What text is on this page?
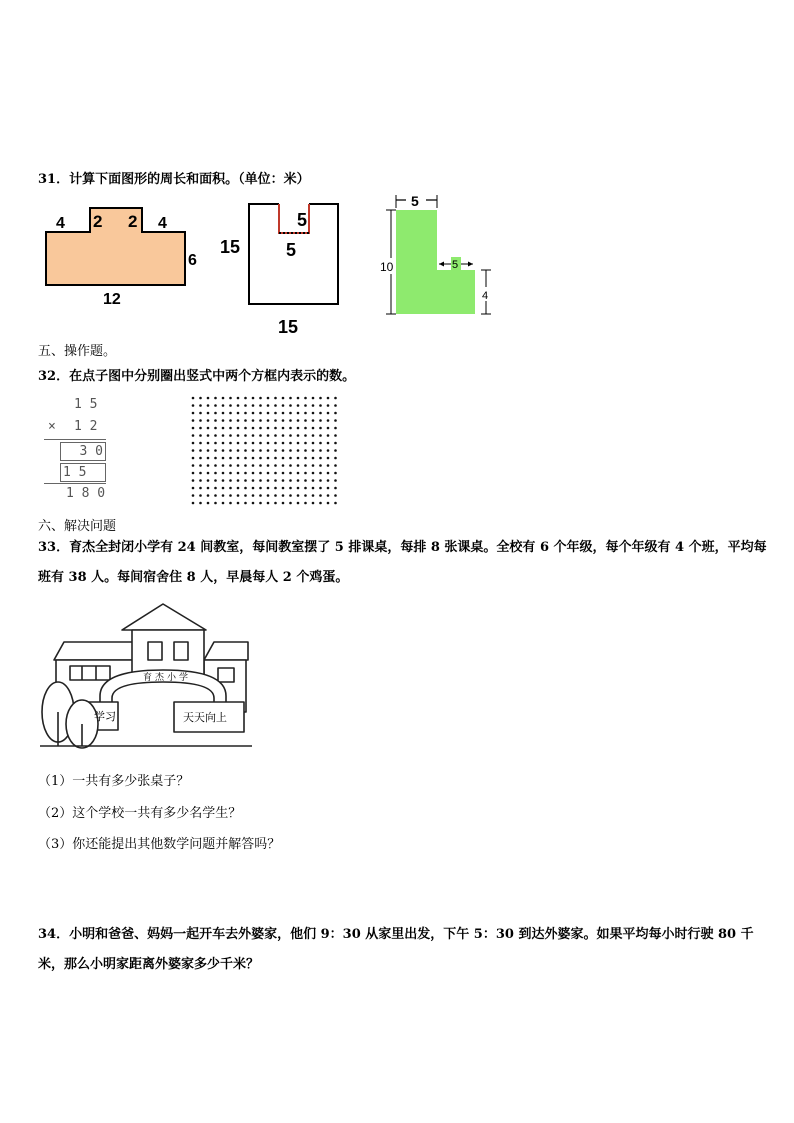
31．计算下面图形的周长和面积。（单位：米）
4 2 2 4
6
12
5
5
15
15
5
10	5
4
五、操作题。
32．在点子图中分别圈出竖式中两个方框内表示的数。
1 5
× 1 2
3 0
1 5
1 8 0
六、解决问题
33．育杰全封闭小学有 24 间教室，每间教室摆了 5 排课桌，每排 8 张课桌。全校有 6 个年级，每个年级有 4 个班，平均每班有 38 人。每间宿舍住 8 人，早晨每人 2 个鸡蛋。
育杰小学
学习	天天向上
（1）一共有多少张桌子？
（2）这个学校一共有多少名学生？
（3）你还能提出其他数学问题并解答吗？
34．小明和爸爸、妈妈一起开车去外婆家，他们 9：30 从家里出发，下午 5：30 到达外婆家。如果平均每小时行驶 80 千米，那么小明家距离外婆家多少千米？
